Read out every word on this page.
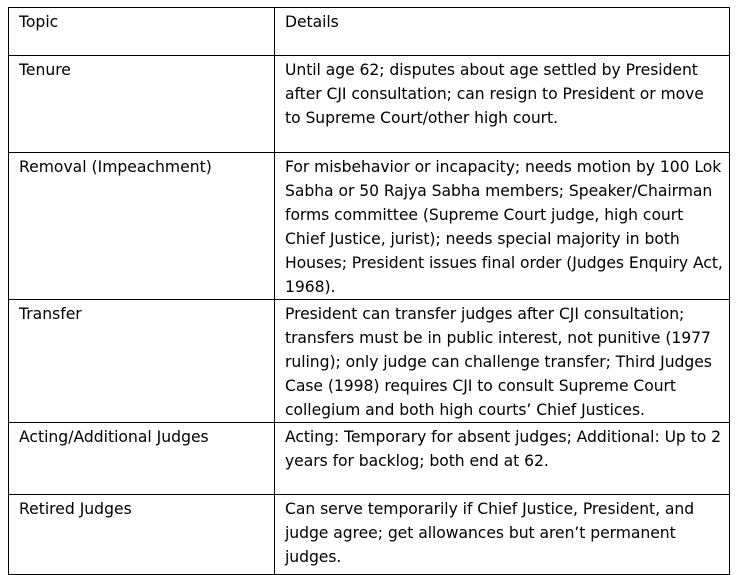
Topic	Details
Tenure	Until age 62; disputes about age settled by President after CJI consultation; can resign to President or move to Supreme Court/other high court.
Removal (Impeachment)	For misbehavior or incapacity; needs motion by 100 Lok Sabha or 50 Rajya Sabha members; Speaker/Chairman forms committee (Supreme Court judge, high court Chief Justice, jurist); needs special majority in both Houses; President issues final order (Judges Enquiry Act, 1968).
Transfer	President can transfer judges after CJI consultation; transfers must be in public interest, not punitive (1977 ruling); only judge can challenge transfer; Third Judges Case (1998) requires CJI to consult Supreme Court collegium and both high courts’ Chief Justices.
Acting/Additional Judges	Acting: Temporary for absent judges; Additional: Up to 2 years for backlog; both end at 62.
Retired Judges	Can serve temporarily if Chief Justice, President, and judge agree; get allowances but aren’t permanent judges.
